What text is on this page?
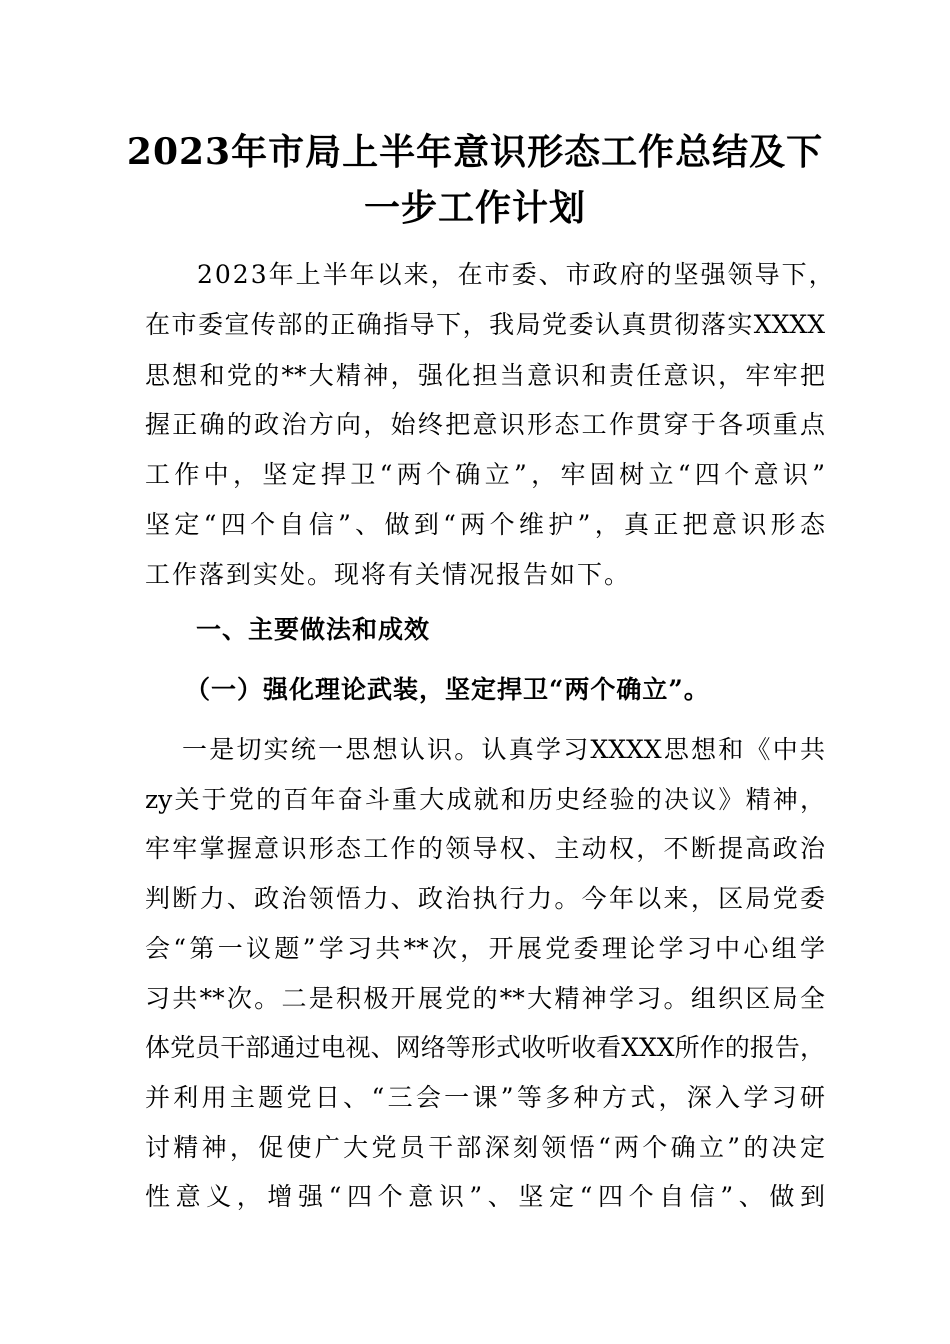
2023年市局上半年意识形态工作总结及下
一步工作计划
2023年上半年以来，在市委、市政府的坚强领导下，
在市委宣传部的正确指导下，我局党委认真贯彻落实XXXX
思想和党的**大精神，强化担当意识和责任意识，牢牢把
握正确的政治方向，始终把意识形态工作贯穿于各项重点
工作中，坚定捍卫“两个确立”，牢固树立“四个意识”
坚定“四个自信”、做到“两个维护”，真正把意识形态
工作落到实处。现将有关情况报告如下。
一、主要做法和成效
（一）强化理论武装，坚定捍卫“两个确立”。
一是切实统一思想认识。认真学习XXXX思想和《中共
zy关于党的百年奋斗重大成就和历史经验的决议》精神，
牢牢掌握意识形态工作的领导权、主动权，不断提高政治
判断力、政治领悟力、政治执行力。今年以来，区局党委
会“第一议题”学习共**次，开展党委理论学习中心组学
习共**次。二是积极开展党的**大精神学习。组织区局全
体党员干部通过电视、网络等形式收听收看XXX所作的报告，
并利用主题党日、“三会一课”等多种方式，深入学习研
讨精神，促使广大党员干部深刻领悟“两个确立”的决定
性意义，增强“四个意识”、坚定“四个自信”、做到
